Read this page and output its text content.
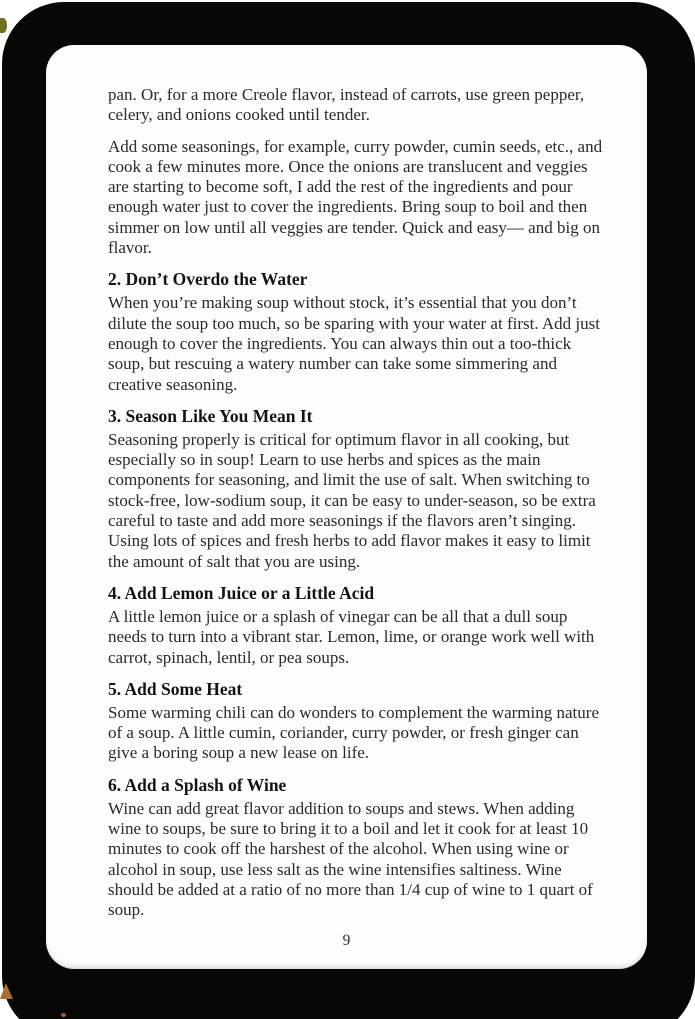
pan. Or, for a more Creole flavor, instead of carrots, use green pepper, celery, and onions cooked until tender.

Add some seasonings, for example, curry powder, cumin seeds, etc., and cook a few minutes more. Once the onions are translucent and veggies are starting to become soft, I add the rest of the ingredients and pour enough water just to cover the ingredients. Bring soup to boil and then simmer on low until all veggies are tender. Quick and easy— and big on flavor.

2. Don’t Overdo the Water

When you’re making soup without stock, it’s essential that you don’t dilute the soup too much, so be sparing with your water at first. Add just enough to cover the ingredients. You can always thin out a too-thick soup, but rescuing a watery number can take some simmering and creative seasoning.

3. Season Like You Mean It

Seasoning properly is critical for optimum flavor in all cooking, but especially so in soup! Learn to use herbs and spices as the main components for seasoning, and limit the use of salt. When switching to stock-free, low-sodium soup, it can be easy to under-season, so be extra careful to taste and add more seasonings if the flavors aren’t singing. Using lots of spices and fresh herbs to add flavor makes it easy to limit the amount of salt that you are using.

4. Add Lemon Juice or a Little Acid

A little lemon juice or a splash of vinegar can be all that a dull soup needs to turn into a vibrant star. Lemon, lime, or orange work well with carrot, spinach, lentil, or pea soups.

5. Add Some Heat

Some warming chili can do wonders to complement the warming nature of a soup. A little cumin, coriander, curry powder, or fresh ginger can give a boring soup a new lease on life.

6. Add a Splash of Wine

Wine can add great flavor addition to soups and stews. When adding wine to soups, be sure to bring it to a boil and let it cook for at least 10 minutes to cook off the harshest of the alcohol. When using wine or alcohol in soup, use less salt as the wine intensifies saltiness. Wine should be added at a ratio of no more than 1/4 cup of wine to 1 quart of soup.

9
